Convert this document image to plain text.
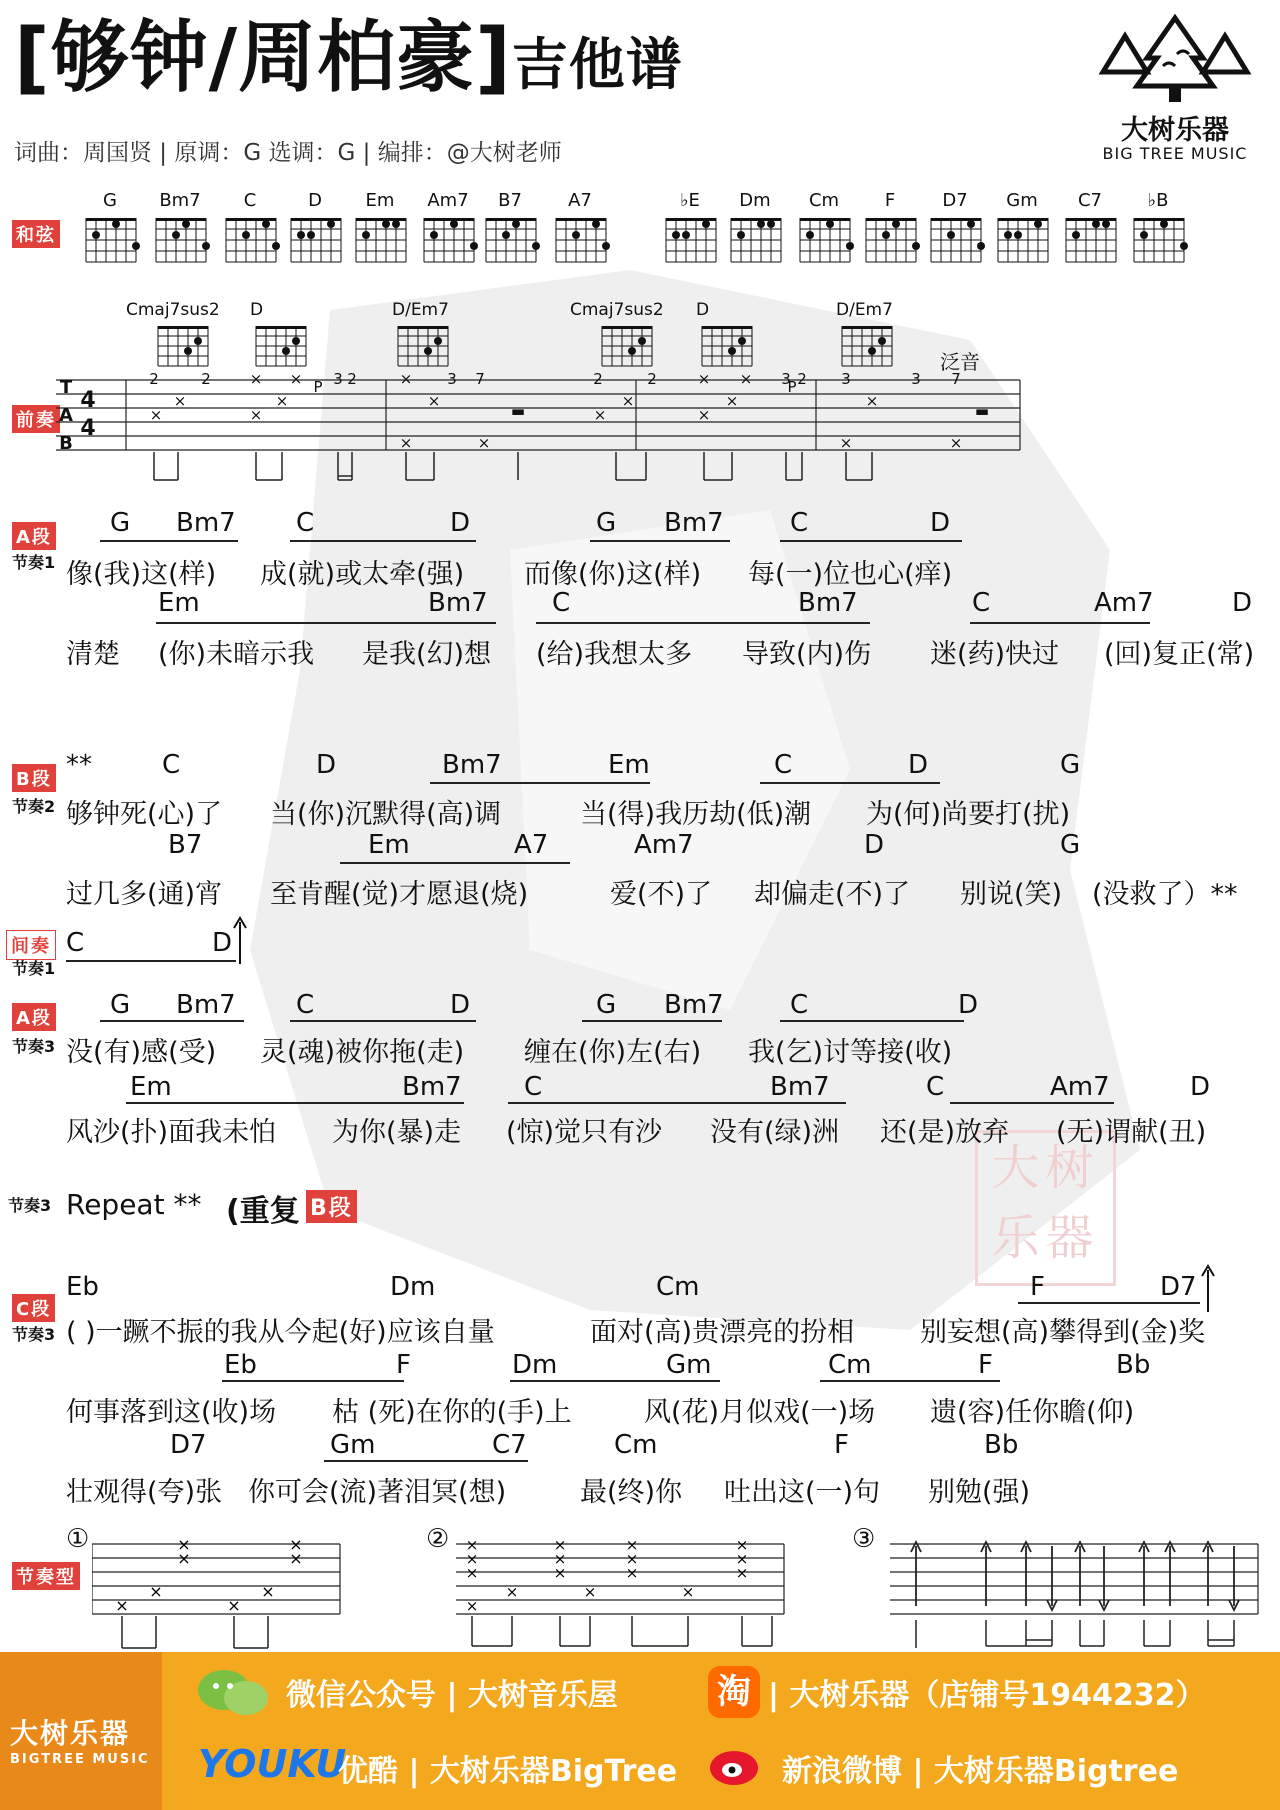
大树乐器
[够钟/周柏豪]吉他谱
词曲：周国贤 | 原调：G 选调：G | 编排：@大树老师
大树乐器
BIG TREE MUSIC
和弦
G	Bm7	C	D	Em	Am7	B7	A7	♭E	Dm	Cm	F	D7	Gm	C7	♭B
前奏
Cmaj7sus2 D	D/Em7	Cmaj7sus2 D	D/Em7
泛音
T
A
B
4
4
2	2
×
×
× ×
×
×
3 2
P	× 3 7
×
×
×
▬
2	2
×
×
× ×
×
×
3 2
P	3	3 7
×
×
×
▬
G Bm7 C	D	G Bm7	C	D
像(我)这(样) 成(就)或太牵(强) 而像(你)这(样) 每(一)位也心(痒)
Em	Bm7 C	Bm7	C	Am7	D
清楚 (你)未暗示我 是我(幻)想 (给)我想太多 导致(内)伤 迷(药)快过 (回)复正(常)
**	C	D	Bm7	Em	C	D	G
够钟死(心)了 当(你)沉默得(高)调	当(得)我历劫(低)潮 为(何)尚要打(扰)
B7	Em	A7	Am7	D	G
过几多(通)宵 至肯醒(觉)才愿退(烧)	爱(不)了 却偏走(不)了 别说(笑) (没救了）**
C	D
G Bm7 C	D	G Bm7	C	D
没(有)感(受) 灵(魂)被你拖(走) 缠在(你)左(右) 我(乞)讨等接(收)
Em	Bm7 C	Bm7	C	Am7	D
风沙(扑)面我未怕 为你(暴)走 (惊)觉只有沙 没有(绿)洲 还(是)放弃 (无)谓献(丑)
Eb	Dm	Cm	F	D7
( )一蹶不振的我从今起(好)应该自量	面对(高)贵漂亮的扮相 别妄想(高)攀得到(金)奖
Eb	F	Dm	Gm	Cm	F	Bb
何事落到这(收)场 枯 (死)在你的(手)上	风(花)月似戏(一)场 遗(容)任你瞻(仰)
D7	Gm	C7	Cm	F	Bb
壮观得(夸)张 你可会(流)著泪冥(想)	最(终)你 吐出这(一)句 别勉(强)
A段
节奏1
B段
节奏2
间奏
节奏1
A段
节奏3
节奏3
C段
节奏3
Repeat ** (重复 B段
节奏型
①	②	③
×
×
×
×
×
×
×
×
×
×
×
×
×
×
×
×
×
×
×
×
×
×
×
×
大树乐器
BIGTREE MUSIC
微信公众号 | 大树音乐屋	淘 | 大树乐器（店铺号1944232）
YOUKU
优酷 | 大树乐器BigTree	新浪微博 | 大树乐器Bigtree
